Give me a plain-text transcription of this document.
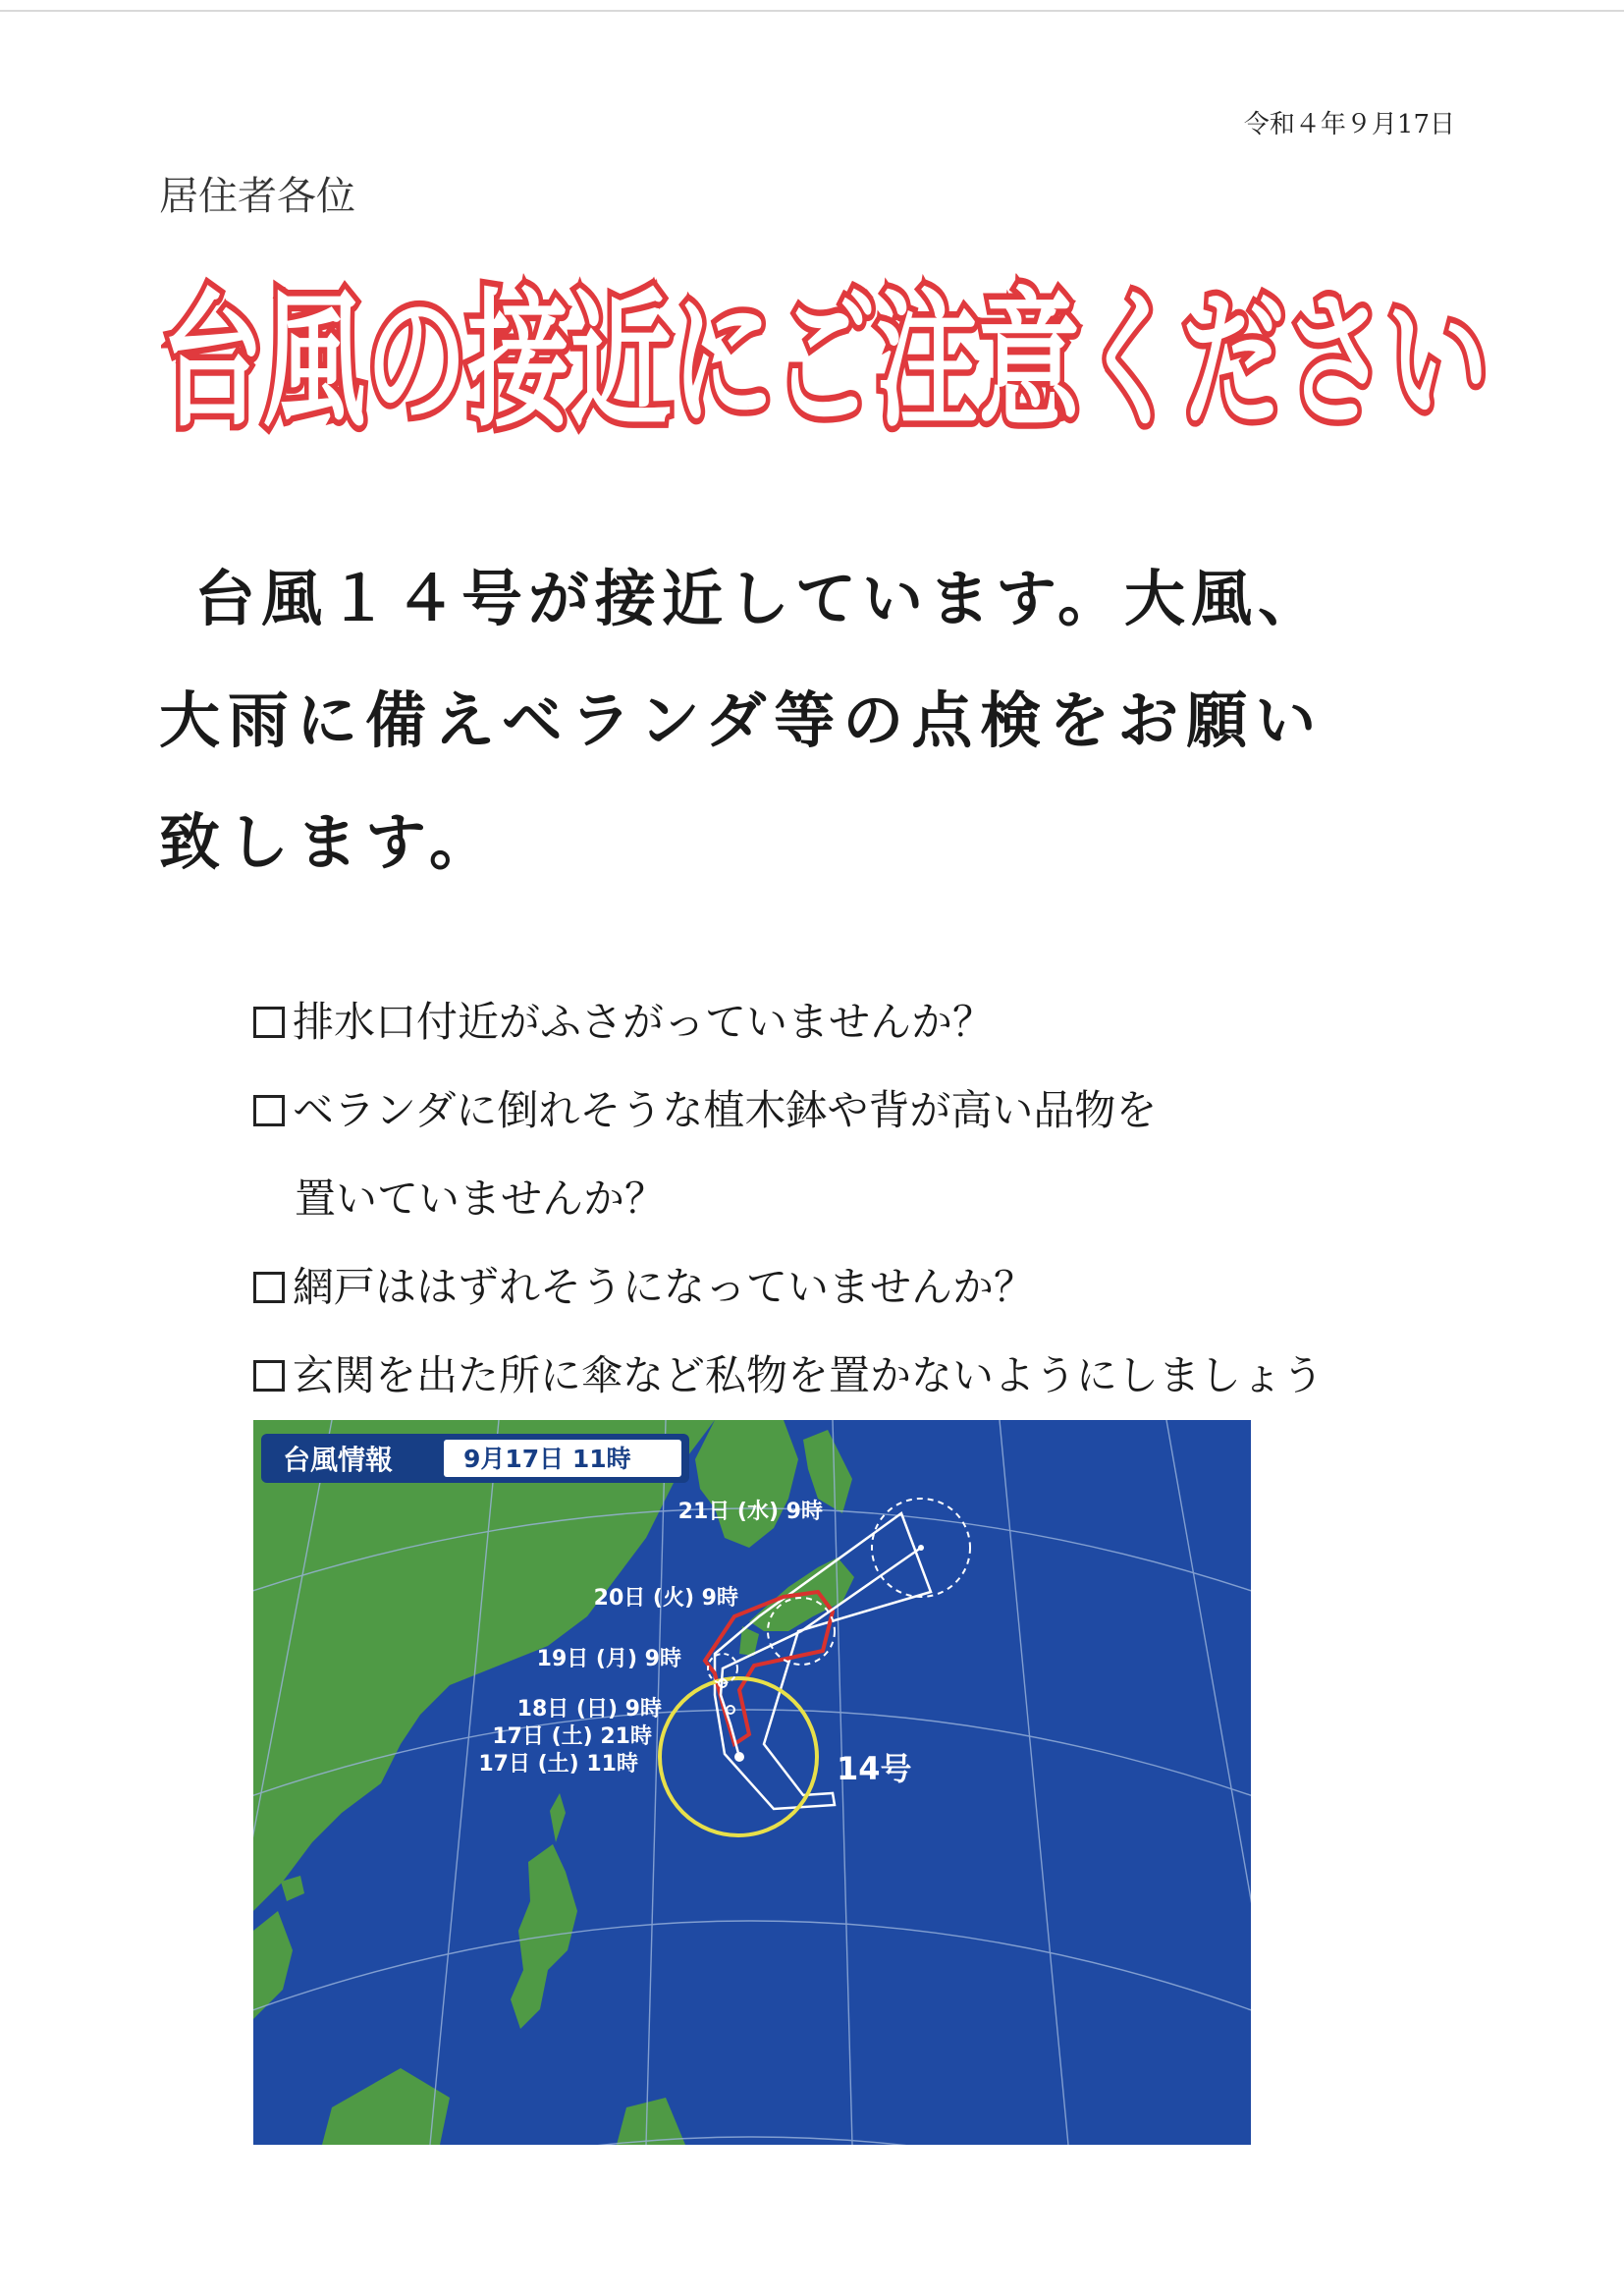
令和４年９月17日
居住者各位
台風の接近にご注意ください
台風１４号が接近しています。大風、
大雨に備えベランダ等の点検をお願い
致します。
排水口付近がふさがっていませんか？
ベランダに倒れそうな植木鉢や背が高い品物を
置いていませんか？
網戸ははずれそうになっていませんか？
玄関を出た所に傘など私物を置かないようにしましょう
台風情報	9月17日 11時
21日 (水) 9時
20日 (火) 9時
19日 (月) 9時
18日 (日) 9時
17日 (土) 21時
17日 (土) 11時	14号
